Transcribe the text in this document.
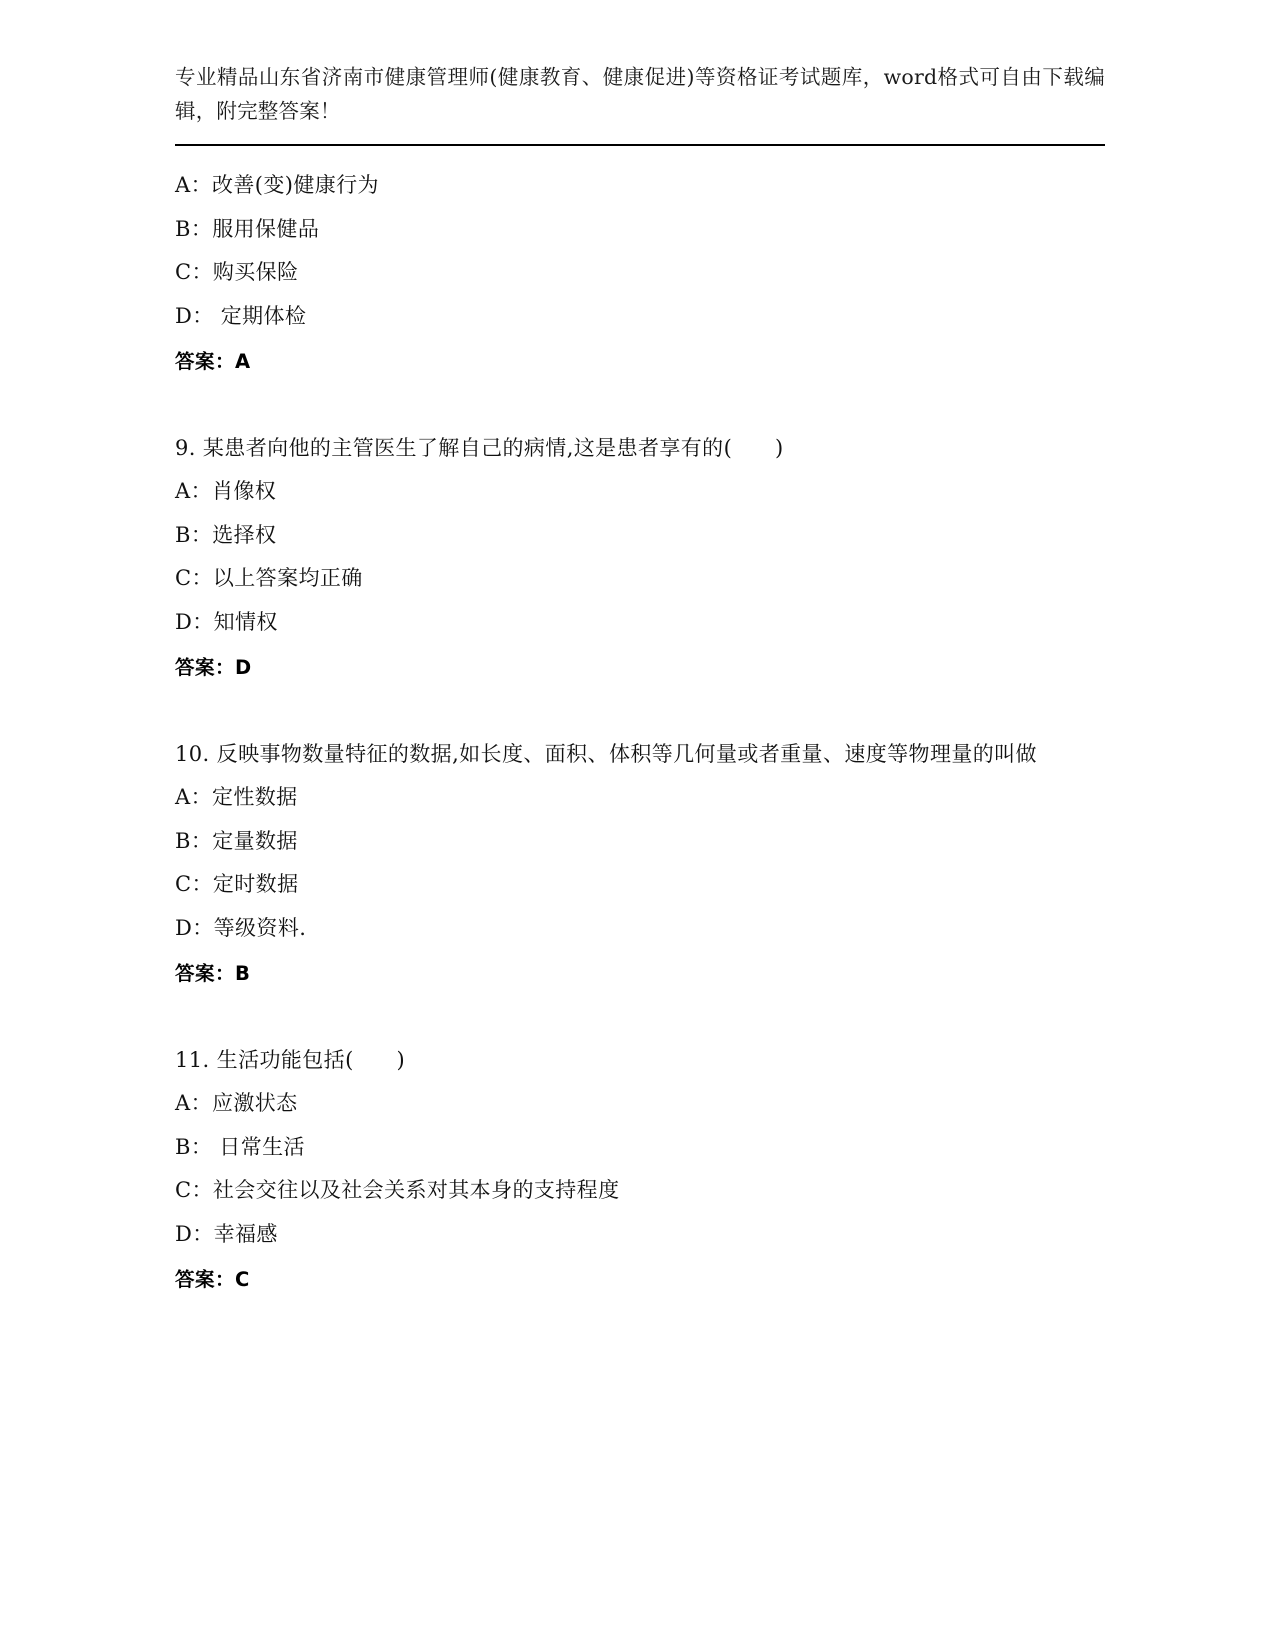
专业精品山东省济南市健康管理师(健康教育、健康促进)等资格证考试题库，word格式可自由下载编辑，附完整答案！

A：改善(变)健康行为

B：服用保健品

C：购买保险

D： 定期体检

答案：A

9. 某患者向他的主管医生了解自己的病情,这是患者享有的(　　)

A：肖像权

B：选择权

C：以上答案均正确

D：知情权

答案：D

10. 反映事物数量特征的数据,如长度、面积、体积等几何量或者重量、速度等物理量的叫做

A：定性数据

B：定量数据

C：定时数据

D：等级资料.

答案：B

11. 生活功能包括(　　)

A：应激状态

B： 日常生活

C：社会交往以及社会关系对其本身的支持程度

D：幸福感

答案：C
